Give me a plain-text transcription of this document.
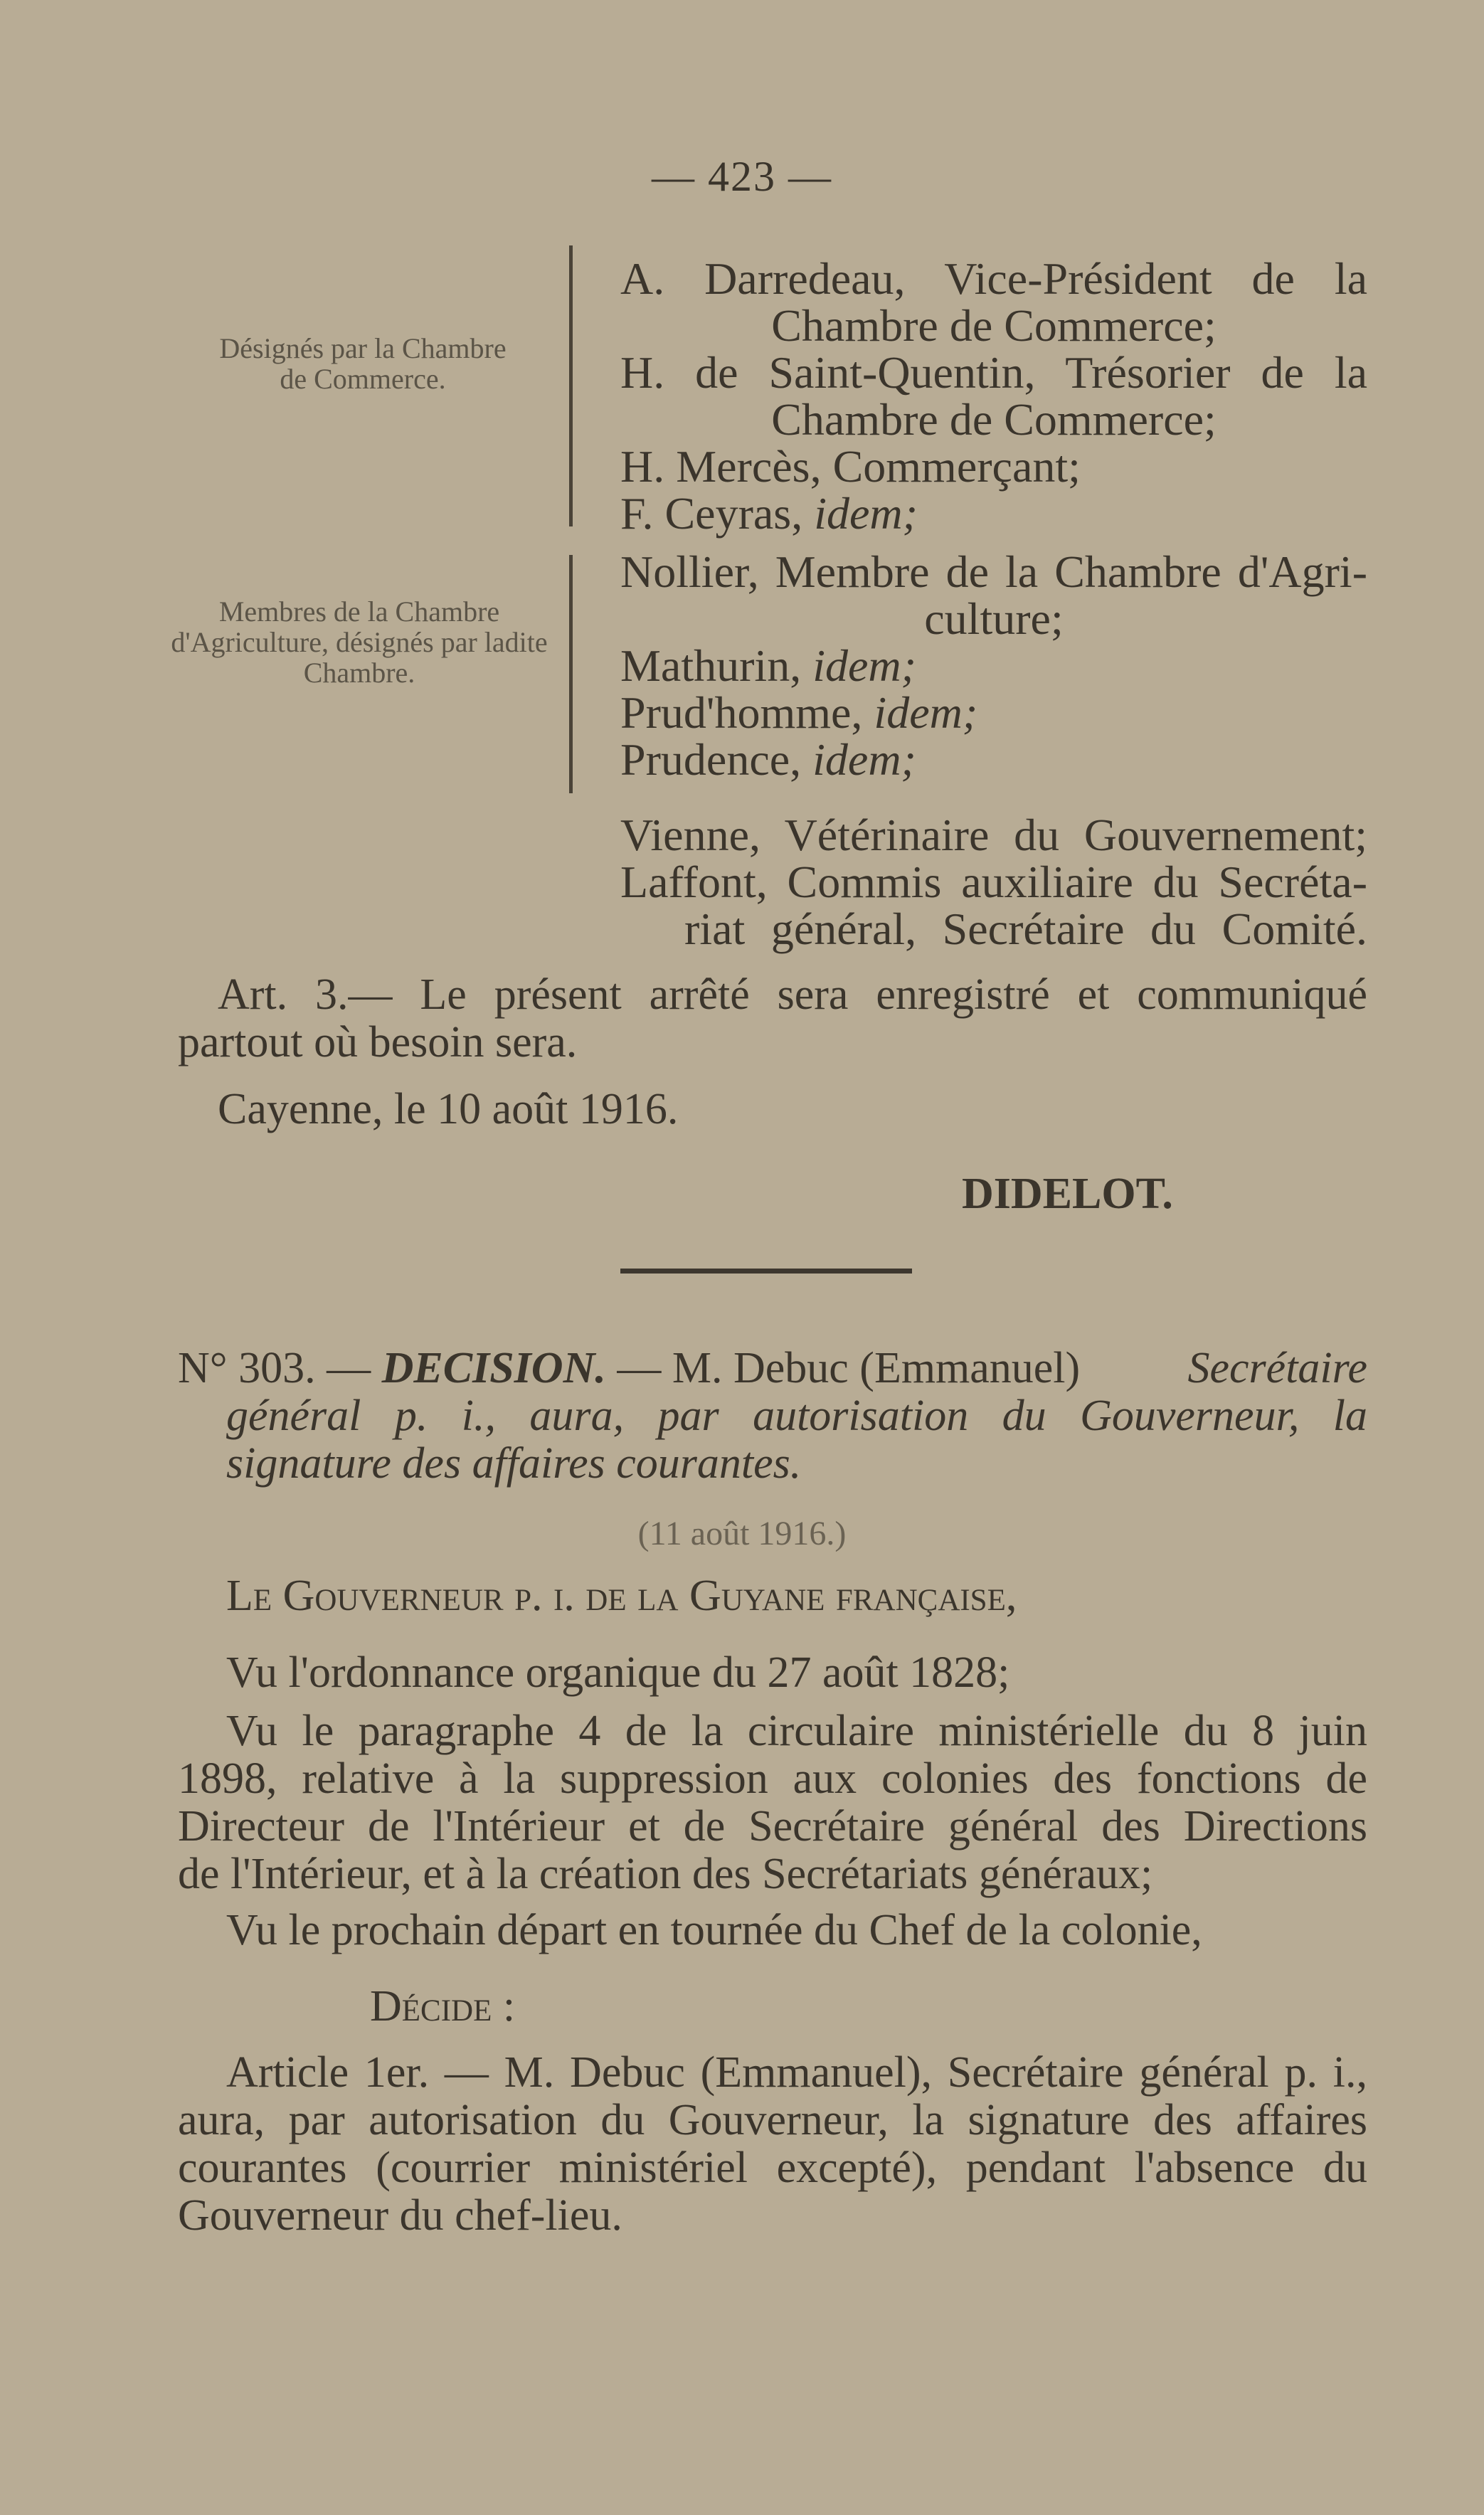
— 423 —
Désignés par la Chambre de Commerce.
A. Darredeau, Vice-Président de la
Chambre de Commerce;
H. de Saint-Quentin, Trésorier de la
Chambre de Commerce;
H. Mercès, Commerçant;
F. Ceyras, idem;
Membres de la Chambre d'Agriculture, désignés par ladite Chambre.
Nollier, Membre de la Chambre d'Agri-
culture;
Mathurin, idem;
Prud'homme, idem;
Prudence, idem;
Vienne, Vétérinaire du Gouvernement;
Laffont, Commis auxiliaire du Secréta-
riat général, Secrétaire du Comité.
Art. 3.— Le présent arrêté sera enregistré et communiqué
partout où besoin sera.
Cayenne, le 10 août 1916.
DIDELOT.
N° 303. — DECISION. — M. Debuc (Emmanuel) Secrétaire
général p. i., aura, par autorisation du Gouverneur, la
signature des affaires courantes.
(11 août 1916.)
Le Gouverneur p. i. de la Guyane française,
Vu l'ordonnance organique du 27 août 1828;
Vu le paragraphe 4 de la circulaire ministérielle du 8 juin
1898, relative à la suppression aux colonies des fonctions de
Directeur de l'Intérieur et de Secrétaire général des Directions
de l'Intérieur, et à la création des Secrétariats généraux;
Vu le prochain départ en tournée du Chef de la colonie,
Décide :
Article 1er. — M. Debuc (Emmanuel), Secrétaire général p. i.,
aura, par autorisation du Gouverneur, la signature des affaires
courantes (courrier ministériel excepté), pendant l'absence du
Gouverneur du chef-lieu.
